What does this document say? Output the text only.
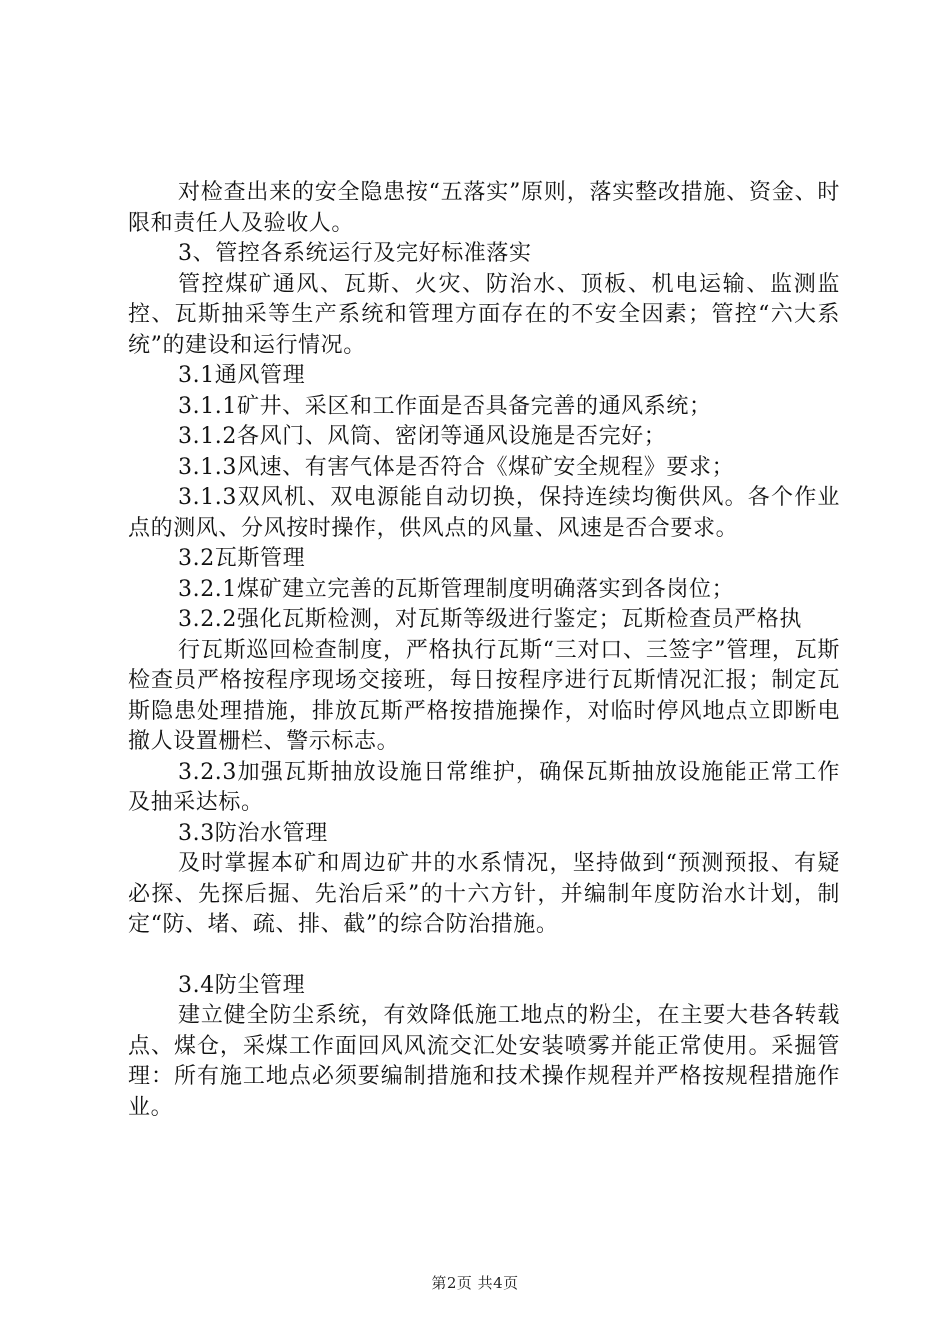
对检查出来的安全隐患按“五落实”原则，落实整改措施、资金、时限和责任人及验收人。

3、管控各系统运行及完好标准落实

管控煤矿通风、瓦斯、火灾、防治水、顶板、机电运输、监测监控、瓦斯抽采等生产系统和管理方面存在的不安全因素；管控“六大系统”的建设和运行情况。

3.1通风管理

3.1.1矿井、采区和工作面是否具备完善的通风系统；

3.1.2各风门、风筒、密闭等通风设施是否完好；

3.1.3风速、有害气体是否符合《煤矿安全规程》要求；

3.1.3双风机、双电源能自动切换，保持连续均衡供风。各个作业点的测风、分风按时操作，供风点的风量、风速是否合要求。

3.2瓦斯管理

3.2.1煤矿建立完善的瓦斯管理制度明确落实到各岗位；

3.2.2强化瓦斯检测，对瓦斯等级进行鉴定；瓦斯检查员严格执

行瓦斯巡回检查制度，严格执行瓦斯“三对口、三签字”管理，瓦斯检查员严格按程序现场交接班，每日按程序进行瓦斯情况汇报；制定瓦斯隐患处理措施，排放瓦斯严格按措施操作，对临时停风地点立即断电撤人设置栅栏、警示标志。

3.2.3加强瓦斯抽放设施日常维护，确保瓦斯抽放设施能正常工作及抽采达标。

3.3防治水管理

及时掌握本矿和周边矿井的水系情况，坚持做到“预测预报、有疑必探、先探后掘、先治后采”的十六方针，并编制年度防治水计划，制定“防、堵、疏、排、截”的综合防治措施。

3.4防尘管理

建立健全防尘系统，有效降低施工地点的粉尘，在主要大巷各转载点、煤仓，采煤工作面回风风流交汇处安装喷雾并能正常使用。采掘管理：所有施工地点必须要编制措施和技术操作规程并严格按规程措施作业。

第2页 共4页
